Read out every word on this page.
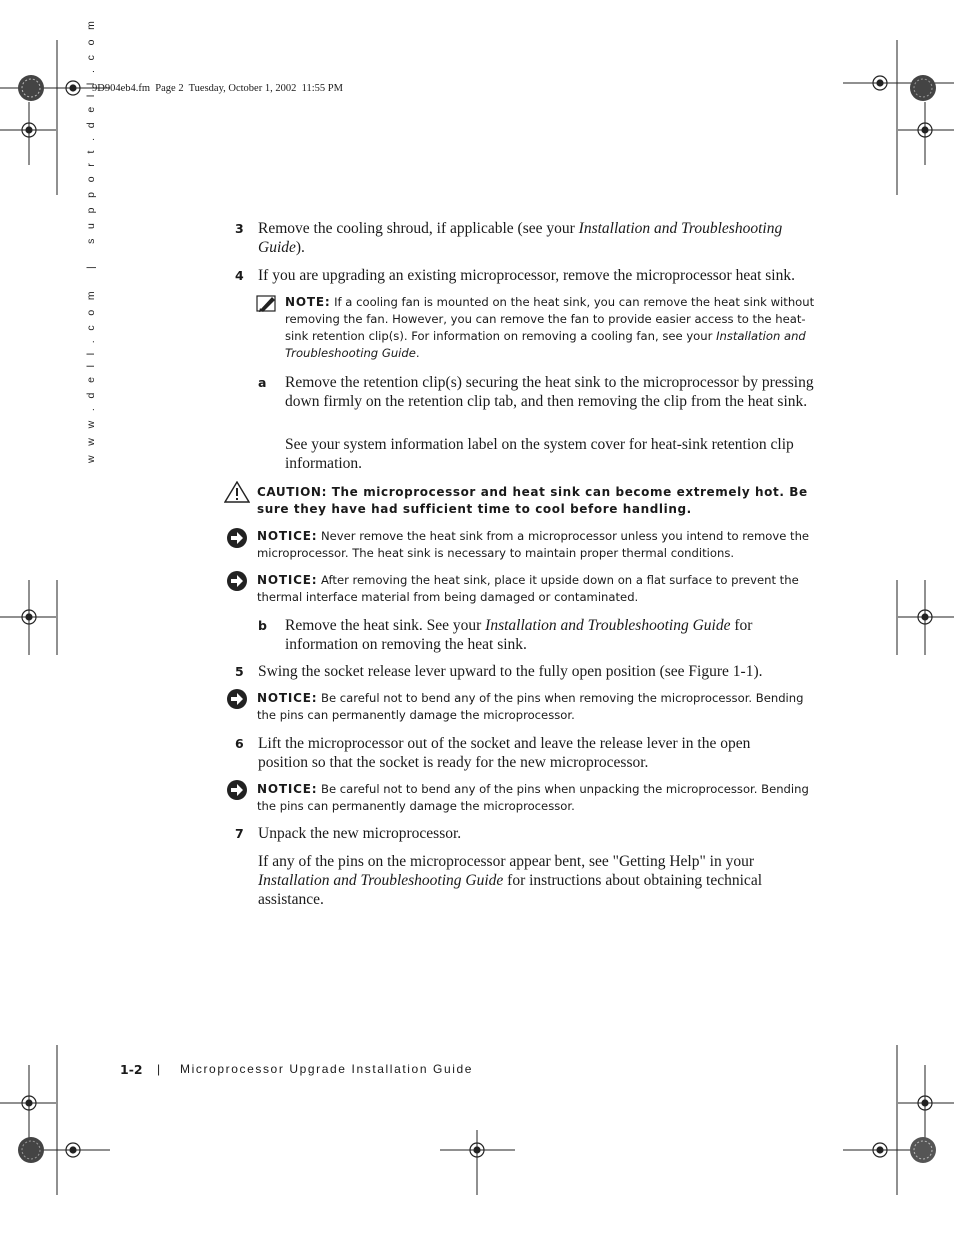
9D904eb4.fm  Page 2  Tuesday, October 1, 2002  11:55 PM
w w w . d e l l . c o m   |   s u p p o r t . d e l l . c o m	3 Remove the cooling shroud, if applicable (see your Installation and Troubleshooting Guide).
4 If you are upgrading an existing microprocessor, remove the microprocessor heat sink.
NOTE: If a cooling fan is mounted on the heat sink, you can remove the heat sink without removing the fan. However, you can remove the fan to provide easier access to the heat-sink retention clip(s). For information on removing a cooling fan, see your Installation and Troubleshooting Guide.
a Remove the retention clip(s) securing the heat sink to the microprocessor by pressing down firmly on the retention clip tab, and then removing the clip from the heat sink.
See your system information label on the system cover for heat-sink retention clip information.
CAUTION: The microprocessor and heat sink can become extremely hot. Be sure they have had sufficient time to cool before handling.
NOTICE: Never remove the heat sink from a microprocessor unless you intend to remove the microprocessor. The heat sink is necessary to maintain proper thermal conditions.
NOTICE: After removing the heat sink, place it upside down on a flat surface to prevent the thermal interface material from being damaged or contaminated.
b Remove the heat sink. See your Installation and Troubleshooting Guide for information on removing the heat sink.
5 Swing the socket release lever upward to the fully open position (see Figure 1-1).
NOTICE: Be careful not to bend any of the pins when removing the microprocessor. Bending the pins can permanently damage the microprocessor.
6 Lift the microprocessor out of the socket and leave the release lever in the open position so that the socket is ready for the new microprocessor.
NOTICE: Be careful not to bend any of the pins when unpacking the microprocessor. Bending the pins can permanently damage the microprocessor.
7 Unpack the new microprocessor.
If any of the pins on the microprocessor appear bent, see "Getting Help" in your Installation and Troubleshooting Guide for instructions about obtaining technical assistance.
1-2 | Microprocessor Upgrade Installation Guide
